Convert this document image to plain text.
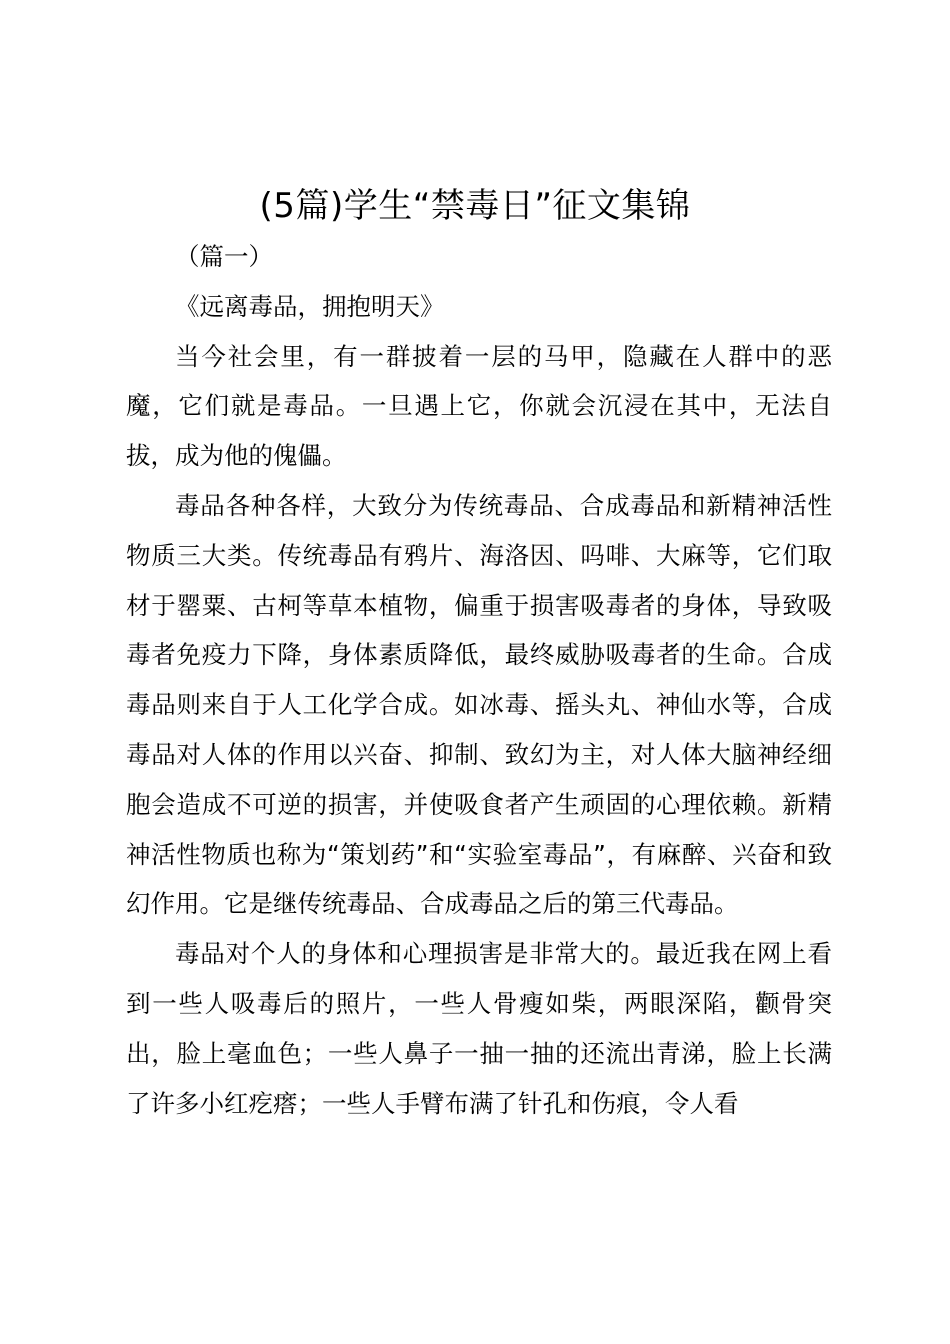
(5篇)学生“禁毒日”征文集锦

（篇一）

《远离毒品，拥抱明天》

当今社会里，有一群披着一层的马甲，隐藏在人群中的恶魔，它们就是毒品。一旦遇上它，你就会沉浸在其中，无法自拔，成为他的傀儡。

毒品各种各样，大致分为传统毒品、合成毒品和新精神活性物质三大类。传统毒品有鸦片、海洛因、吗啡、大麻等，它们取材于罂粟、古柯等草本植物，偏重于损害吸毒者的身体，导致吸毒者免疫力下降，身体素质降低，最终威胁吸毒者的生命。合成毒品则来自于人工化学合成。如冰毒、摇头丸、神仙水等，合成毒品对人体的作用以兴奋、抑制、致幻为主，对人体大脑神经细胞会造成不可逆的损害，并使吸食者产生顽固的心理依赖。新精神活性物质也称为“策划药”和“实验室毒品”，有麻醉、兴奋和致幻作用。它是继传统毒品、合成毒品之后的第三代毒品。

毒品对个人的身体和心理损害是非常大的。最近我在网上看到一些人吸毒后的照片，一些人骨瘦如柴，两眼深陷，颧骨突出，脸上毫血色；一些人鼻子一抽一抽的还流出青涕，脸上长满了许多小红疙瘩；一些人手臂布满了针孔和伤痕，令人看
